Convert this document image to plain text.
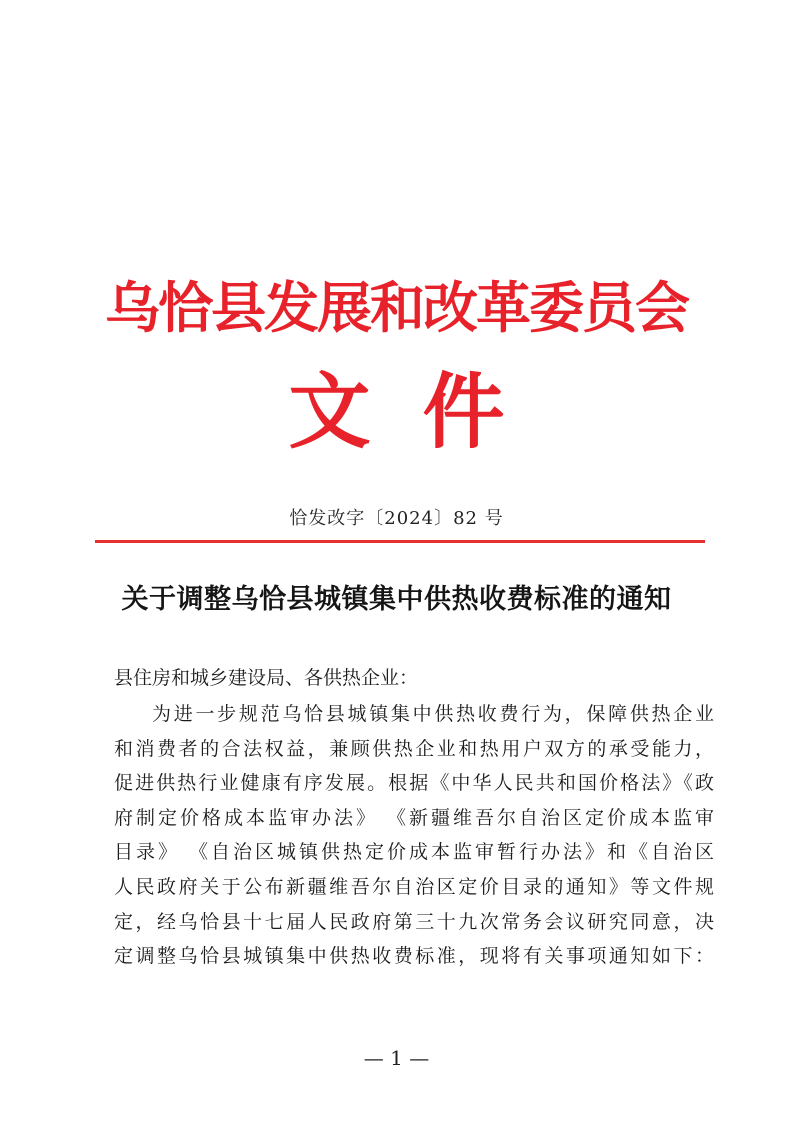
乌恰县发展和改革委员会
文 件
恰发改字〔2024〕82 号
关于调整乌恰县城镇集中供热收费标准的通知
县住房和城乡建设局、各供热企业：
为进一步规范乌恰县城镇集中供热收费行为，保障供热企业
和消费者的合法权益，兼顾供热企业和热用户双方的承受能力，
促进供热行业健康有序发展。根据《中华人民共和国价格法》《政
府制定价格成本监审办法》 《新疆维吾尔自治区定价成本监审
目录》 《自治区城镇供热定价成本监审暂行办法》和《自治区
人民政府关于公布新疆维吾尔自治区定价目录的通知》等文件规
定，经乌恰县十七届人民政府第三十九次常务会议研究同意，决
定调整乌恰县城镇集中供热收费标准，现将有关事项通知如下：
— 1 —
